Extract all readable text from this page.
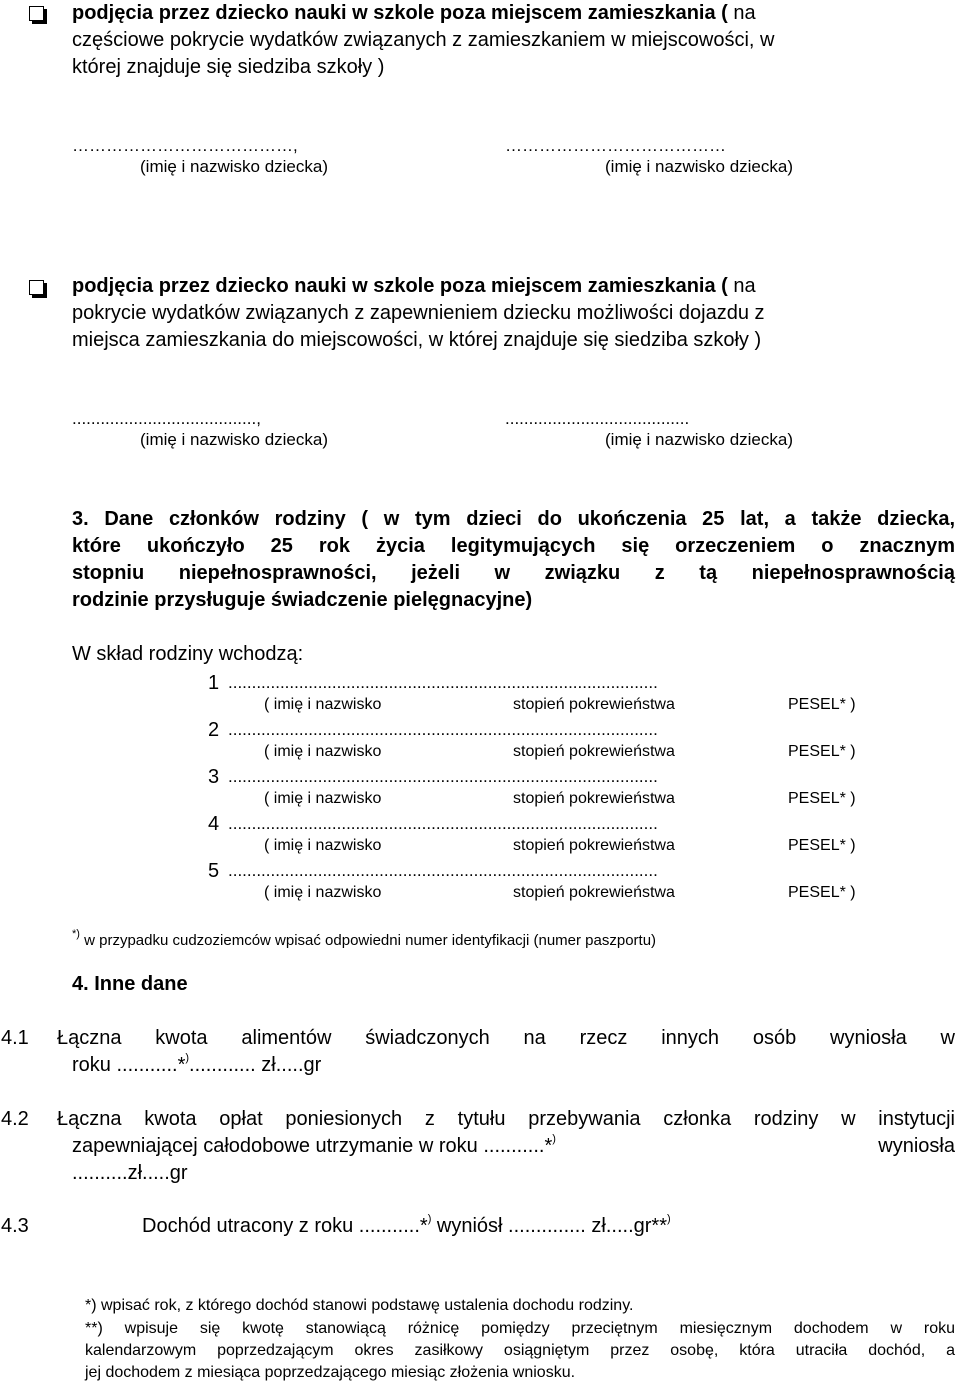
podjęcia przez dziecko nauki w szkole poza miejscem zamieszkania ( na
częściowe pokrycie wydatków związanych z zamieszkaniem w miejscowości, w
której znajduje się siedziba szkoły )
…………………………………,	…………………………………
(imię i nazwisko dziecka)	(imię i nazwisko dziecka)
podjęcia przez dziecko nauki w szkole poza miejscem zamieszkania ( na
pokrycie wydatków związanych z zapewnieniem dziecku możliwości dojazdu z
miejsca zamieszkania do miejscowości, w której znajduje się siedziba szkoły )
.......................................,	.......................................
(imię i nazwisko dziecka)	(imię i nazwisko dziecka)
3. Dane członków rodziny ( w tym dzieci do ukończenia 25 lat, a także dziecka,
które ukończyło 25 rok życia legitymujących się orzeczeniem o znacznym
stopniu niepełnosprawności, jeżeli w związku z tą niepełnosprawnością
rodzinie przysługuje świadczenie pielęgnacyjne)
W skład rodziny wchodzą:
1 ...........................................................................................
( imię i nazwisko	stopień pokrewieństwa	PESEL* )
2 ...........................................................................................
( imię i nazwisko	stopień pokrewieństwa	PESEL* )
3 ...........................................................................................
( imię i nazwisko	stopień pokrewieństwa	PESEL* )
4 ...........................................................................................
( imię i nazwisko	stopień pokrewieństwa	PESEL* )
5 ...........................................................................................
( imię i nazwisko	stopień pokrewieństwa	PESEL* )
*) w przypadku cudzoziemców wpisać odpowiedni numer identyfikacji (numer paszportu)
4. Inne dane
4.1 Łączna kwota alimentów świadczonych na rzecz innych osób wyniosła w
roku ...........*)............ zł.....gr
4.2 Łączna kwota opłat poniesionych z tytułu przebywania członka rodziny w instytucji
zapewniającej całodobowe utrzymanie w roku ...........*)	wyniosła
..........zł.....gr
4.3	Dochód utracony z roku ...........*) wyniósł .............. zł.....gr**)
*) wpisać rok, z którego dochód stanowi podstawę ustalenia dochodu rodziny.
**) wpisuje się kwotę stanowiącą różnicę pomiędzy przeciętnym miesięcznym dochodem w roku
kalendarzowym poprzedzającym okres zasiłkowy osiągniętym przez osobę, która utraciła dochód, a
jej dochodem z miesiąca poprzedzającego miesiąc złożenia wniosku.
